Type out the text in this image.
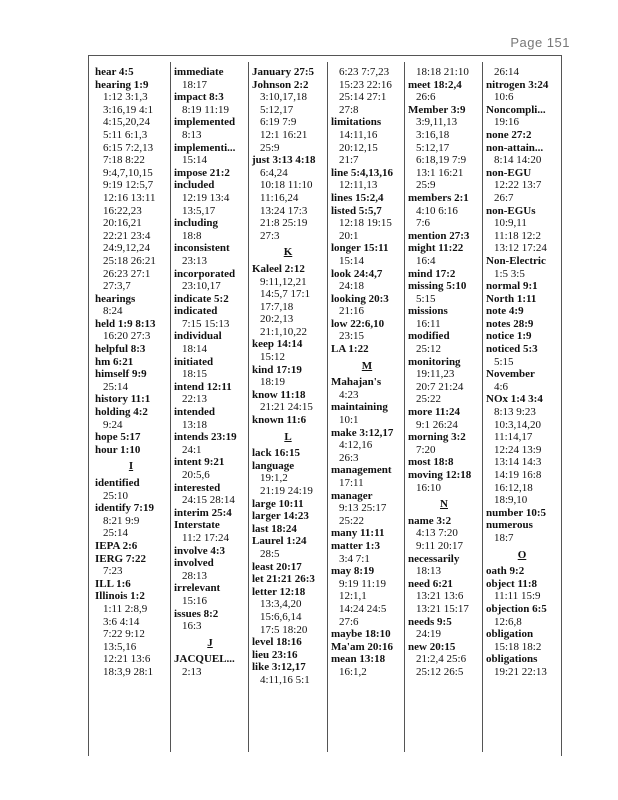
Page 151
hear 4:5
hearing 1:9
1:12 3:1,3
3:16,19 4:1
4:15,20,24
5:11 6:1,3
6:15 7:2,13
7:18 8:22
9:4,7,10,15
9:19 12:5,7
12:16 13:11
16:22,23
20:16,21
22:21 23:4
24:9,12,24
25:18 26:21
26:23 27:1
27:3,7
hearings
8:24
held 1:9 8:13
16:20 27:3
helpful 8:3
hm 6:21
himself 9:9
25:14
history 11:1
holding 4:2
9:24
hope 5:17
hour 1:10
I
identified
25:10
identify 7:19
8:21 9:9
25:14
IEPA 2:6
IERG 7:22
7:23
ILL 1:6
Illinois 1:2
1:11 2:8,9
3:6 4:14
7:22 9:12
13:5,16
12:21 13:6
18:3,9 28:1
immediate
18:17
impact 8:3
8:19 11:19
implemented
8:13
implementi...
15:14
impose 21:2
included
12:19 13:4
13:5,17
including
18:8
inconsistent
23:13
incorporated
23:10,17
indicate 5:2
indicated
7:15 15:13
individual
18:14
initiated
18:15
intend 12:11
22:13
intended
13:18
intends 23:19
24:1
intent 9:21
20:5,6
interested
24:15 28:14
interim 25:4
Interstate
11:2 17:24
involve 4:3
involved
28:13
irrelevant
15:16
issues 8:2
16:3
J
JACQUEL...
2:13
January 27:5
Johnson 2:2
3:10,17,18
5:12,17
6:19 7:9
12:1 16:21
25:9
just 3:13 4:18
6:4,24
10:18 11:10
11:16,24
13:24 17:3
21:8 25:19
27:3
K
Kaleel 2:12
9:11,12,21
14:5,7 17:1
17:7,18
20:2,13
21:1,10,22
keep 14:14
15:12
kind 17:19
18:19
know 11:18
21:21 24:15
known 11:6
L
lack 16:15
language
19:1,2
21:19 24:19
large 10:11
larger 14:23
last 18:24
Laurel 1:24
28:5
least 20:17
let 21:21 26:3
letter 12:18
13:3,4,20
15:6,6,14
17:5 18:20
level 18:16
lieu 23:16
like 3:12,17
4:11,16 5:1
6:23 7:7,23
15:23 22:16
25:14 27:1
27:8
limitations
14:11,16
20:12,15
21:7
line 5:4,13,16
12:11,13
lines 15:2,4
listed 5:5,7
12:18 19:15
20:1
longer 15:11
15:14
look 24:4,7
24:18
looking 20:3
21:16
low 22:6,10
23:15
LA 1:22
M
Mahajan's
4:23
maintaining
10:1
make 3:12,17
4:12,16
26:3
management
17:11
manager
9:13 25:17
25:22
many 11:11
matter 1:3
3:4 7:1
may 8:19
9:19 11:19
12:1,1
14:24 24:5
27:6
maybe 18:10
Ma'am 20:16
mean 13:18
16:1,2
18:18 21:10
meet 18:2,4
26:6
Member 3:9
3:9,11,13
3:16,18
5:12,17
6:18,19 7:9
13:1 16:21
25:9
members 2:1
4:10 6:16
7:6
mention 27:3
might 11:22
16:4
mind 17:2
missing 5:10
5:15
missions
16:11
modified
25:12
monitoring
19:11,23
20:7 21:24
25:22
more 11:24
9:1 26:24
morning 3:2
7:20
most 18:8
moving 12:18
16:10
N
name 3:2
4:13 7:20
9:11 20:17
necessarily
18:13
need 6:21
13:21 13:6
13:21 15:17
needs 9:5
24:19
new 20:15
21:2,4 25:6
25:12 26:5
26:14
nitrogen 3:24
10:6
Noncompli...
19:16
none 27:2
non-attain...
8:14 14:20
non-EGU
12:22 13:7
26:7
non-EGUs
10:9,11
11:18 12:2
13:12 17:24
Non-Electric
1:5 3:5
normal 9:1
North 1:11
note 4:9
notes 28:9
notice 1:9
noticed 5:3
5:15
November
4:6
NOx 1:4 3:4
8:13 9:23
10:3,14,20
11:14,17
12:24 13:9
13:14 14:3
14:19 16:8
16:12,18
18:9,10
number 10:5
numerous
18:7
O
oath 9:2
object 11:8
11:11 15:9
objection 6:5
12:6,8
obligation
15:18 18:2
obligations
19:21 22:13
